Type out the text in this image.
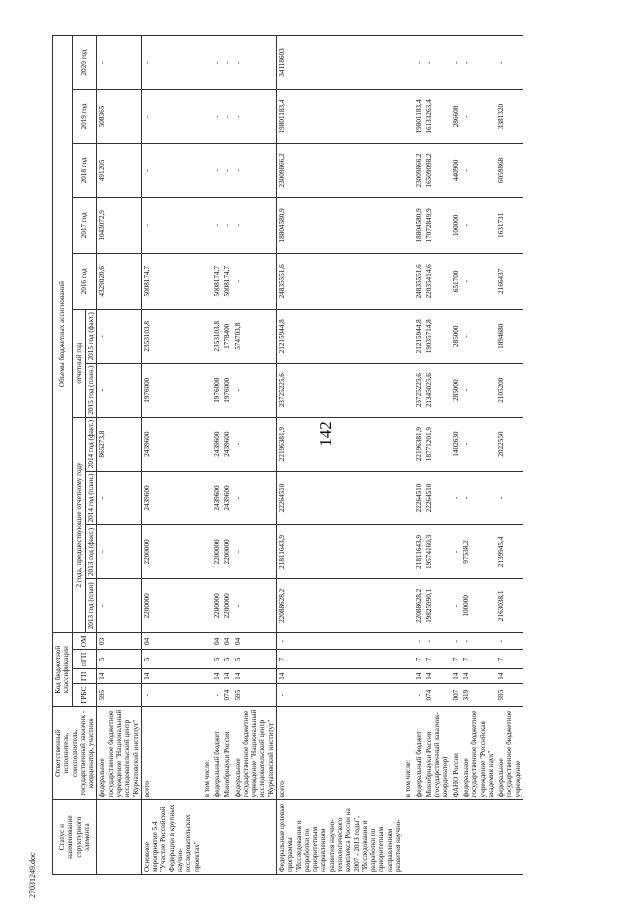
142
27031249.doc
Статус и наименование структурного элемента	Ответственный исполнитель, соисполнитель, государственный заказчик - координатор, участник	Код бюджетной классификации				Объемы бюджетных ассигнований										
		ГРБС	ГП	пГП	ОМ	2 года, предшествующие отчетному году				отчетный год		2016 год	2017 год	2018 год	2019 год	2020 год
						2013 год (план)	2013 год (факт.)	2014 год (план.)	2014 год (факт.)	2015 год (план.)	2015 год (факт.)					
	федеральное государственное бюджетное учреждение "Национальный исследовательский центр "Курчатовский институт"	595	14	5	03	-	-	-	865273,8	-	-	4329020,6	1043072,9	491205	508365	-
Основное мероприятие 5.4 "Участие Российской Федерации в крупных научно-исследовательских проектах"	всего	-	14	5	04	2200000	2200000	2439600	2439600	1976000	2353103,8	5008174,7	-	-	-	-
	в том числе:															
	федеральный бюджет	-	14	5	04	2200000	2200000	2439600	2439600	1976000	2353103,8	5008174,7	-	-	-	-
	Минобрнауки России	074	14	5	04	2200000	2200000	2439600	2439600	1976000	1778400	5008174,7	-	-	-	-
	федеральное государственное бюджетное учреждение "Национальный исследовательский центр "Курчатовский институт"	595	14	5	04	-	-	-	-	-	574703,8	-	-	-	-	-
Федеральные целевые программы "Исследования и разработки по приоритетным направлениям развития научно-технологического комплекса России на 2007 - 2013 годы", "Исследования и разработки по приоритетным направлениям развития научно-	всего	-	14	7	-	22088628,2	21811643,9	22264510	22196381,9	23725225,6	21215944,8	24835551,6	18804580,9	23009866,2	19801183,4	34118603
	в том числе:															
	федеральный бюджет	-	14	7	-	22088628,2	21811643,9	22264510	22196381,9	23725225,6	21215944,8	24835551,6	18804580,9	23009866,2	19801183,4	-
	Минобрнауки России (государственный заказчик-координатор)	074	14	7	-	19825990,1	19574160,3	22264510	18771201,9	21345025,6	19035714,8	22035414,6	17072849,9	16509098,2	16133263,4	-
	ФАНО России	007	14	7	-	-	-	-	1402630	285000	285000	651700	100000	440900	286600	-
	федеральное государственное бюджетное учреждение "Российская академия наук"	319	14	7	-	100000	97538,2	-	-	-	-	-	-	-	-	-
	федеральное государственное бюджетное учреждение	595	14	7	-	2163038,1	2139945,4	-	2022550	2105200	1894680	2166437	1631731	6059868	3381320	-
